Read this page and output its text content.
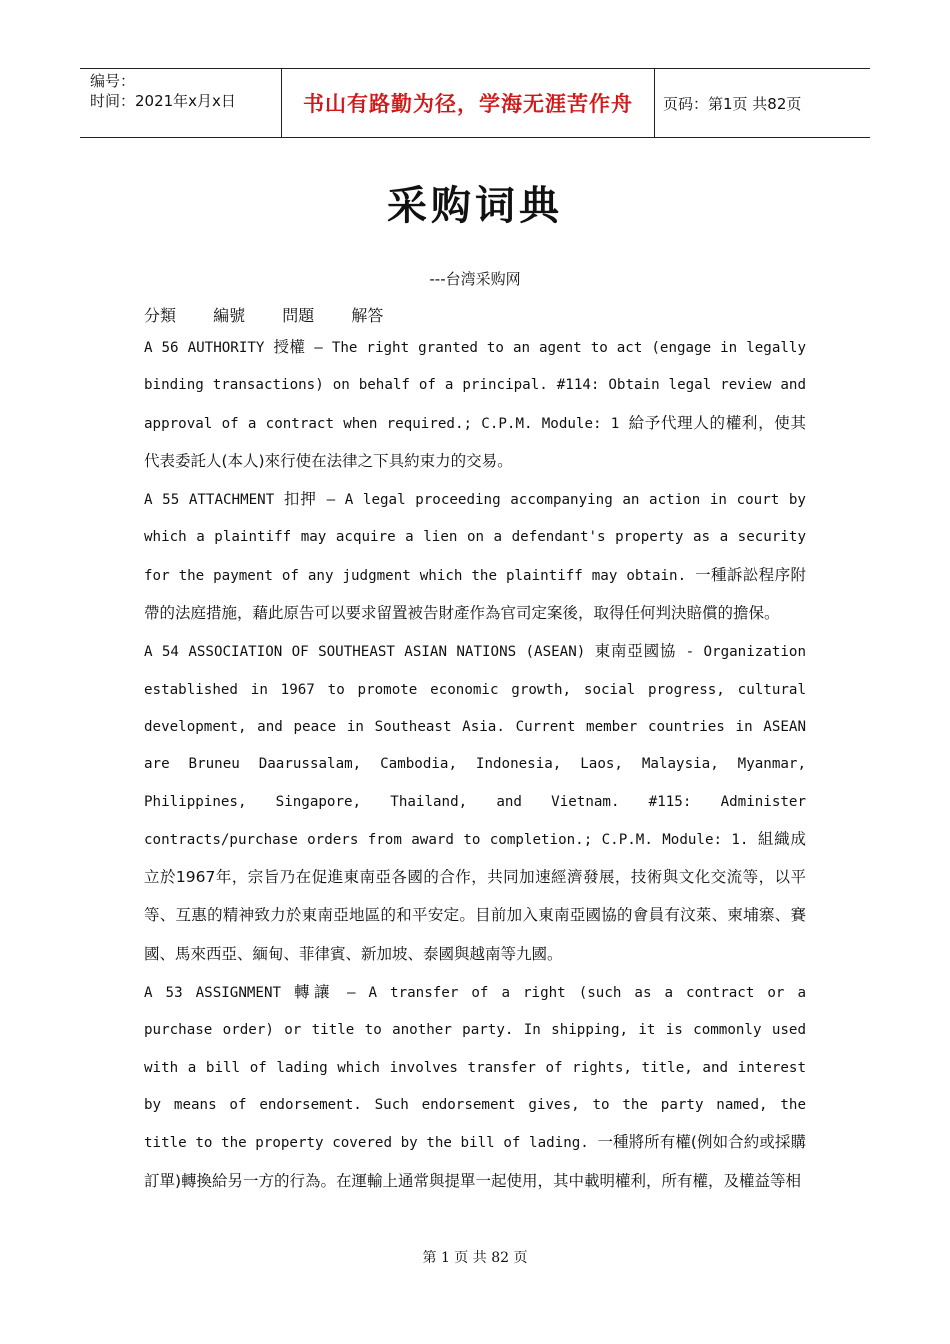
编号：
时间：2021年x月x日	书山有路勤为径，学海无涯苦作舟 页码：第1页 共82页
采购词典
---台湾采购网
分類 編號 問題 解答

A 56 AUTHORITY 授權 – The right granted to an agent to act (engage in legally binding transactions) on behalf of a principal. #114: Obtain legal review and approval of a contract when required.; C.P.M. Module: 1 給予代理人的權利，使其代表委託人(本人)來行使在法律之下具約束力的交易。

A 55 ATTACHMENT 扣押 – A legal proceeding accompanying an action in court by which a plaintiff may acquire a lien on a defendant's property as a security for the payment of any judgment which the plaintiff may obtain. 一種訴訟程序附帶的法庭措施，藉此原告可以要求留置被告財產作為官司定案後，取得任何判決賠償的擔保。

A 54 ASSOCIATION OF SOUTHEAST ASIAN NATIONS (ASEAN) 東南亞國協 - Organization established in 1967 to promote economic growth, social progress, cultural development, and peace in Southeast Asia. Current member countries in ASEAN are Bruneu Daarussalam, Cambodia, Indonesia, Laos, Malaysia, Myanmar, Philippines, Singapore, Thailand, and Vietnam. #115: Administer contracts/purchase orders from award to completion.; C.P.M. Module: 1. 組織成立於1967年，宗旨乃在促進東南亞各國的合作，共同加速經濟發展，技術與文化交流等，以平等、互惠的精神致力於東南亞地區的和平安定。目前加入東南亞國協的會員有汶萊、柬埔寨、賽國、馬來西亞、緬甸、菲律賓、新加坡、泰國與越南等九國。

A 53 ASSIGNMENT 轉讓 – A transfer of a right (such as a contract or a purchase order) or title to another party. In shipping, it is commonly used with a bill of lading which involves transfer of rights, title, and interest by means of endorsement. Such endorsement gives, to the party named, the title to the property covered by the bill of lading. 一種將所有權(例如合約或採購訂單)轉換給另一方的行為。在運輸上通常與提單一起使用，其中載明權利，所有權，及權益等相

第 1 页 共 82 页
